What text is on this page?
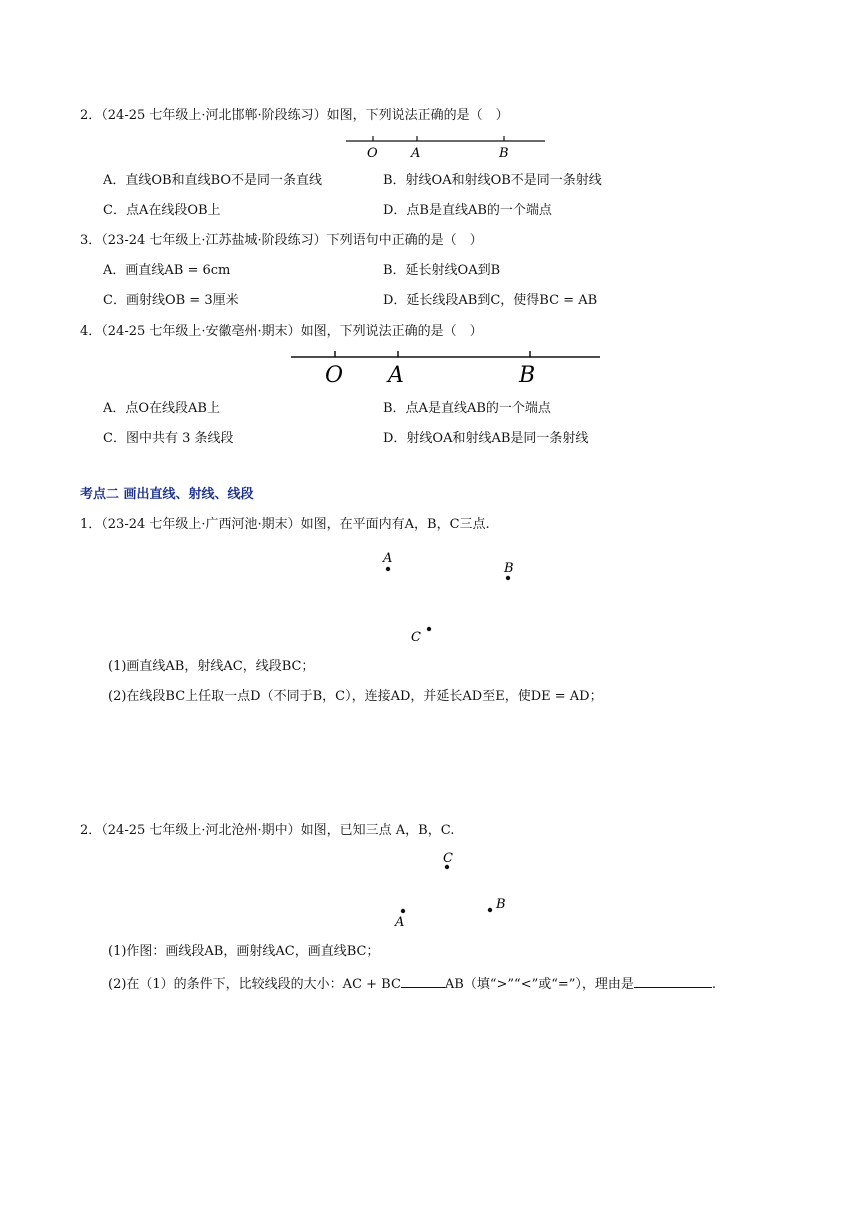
2．（24-25 七年级上·河北邯郸·阶段练习）如图，下列说法正确的是（　）
O	A	B
A．直线OB和直线BO不是同一条直线	B．射线OA和射线OB不是同一条射线
C．点A在线段OB上	D．点B是直线AB的一个端点
3．（23-24 七年级上·江苏盐城·阶段练习）下列语句中正确的是（　）
A．画直线AB = 6cm	B．延长射线OA到B
C．画射线OB = 3厘米	D．延长线段AB到C，使得BC = AB
4．（24-25 七年级上·安徽亳州·期末）如图，下列说法正确的是（　）
O A	B
A．点O在线段AB上	B．点A是直线AB的一个端点
C．图中共有 3 条线段	D．射线OA和射线AB是同一条射线
考点二 画出直线、射线、线段
1．（23-24 七年级上·广西河池·期末）如图，在平面内有A，B，C三点.
A
B
C
(1)画直线AB，射线AC，线段BC；
(2)在线段BC上任取一点D（不同于B，C），连接AD，并延长AD至E，使DE = AD；
2．（24-25 七年级上·河北沧州·期中）如图，已知三点 A，B，C.
C
A
B
(1)作图：画线段AB，画射线AC，画直线BC；
(2)在（1）的条件下，比较线段的大小：AC + BC	AB（填“>”“<”或“=”），理由是	.
